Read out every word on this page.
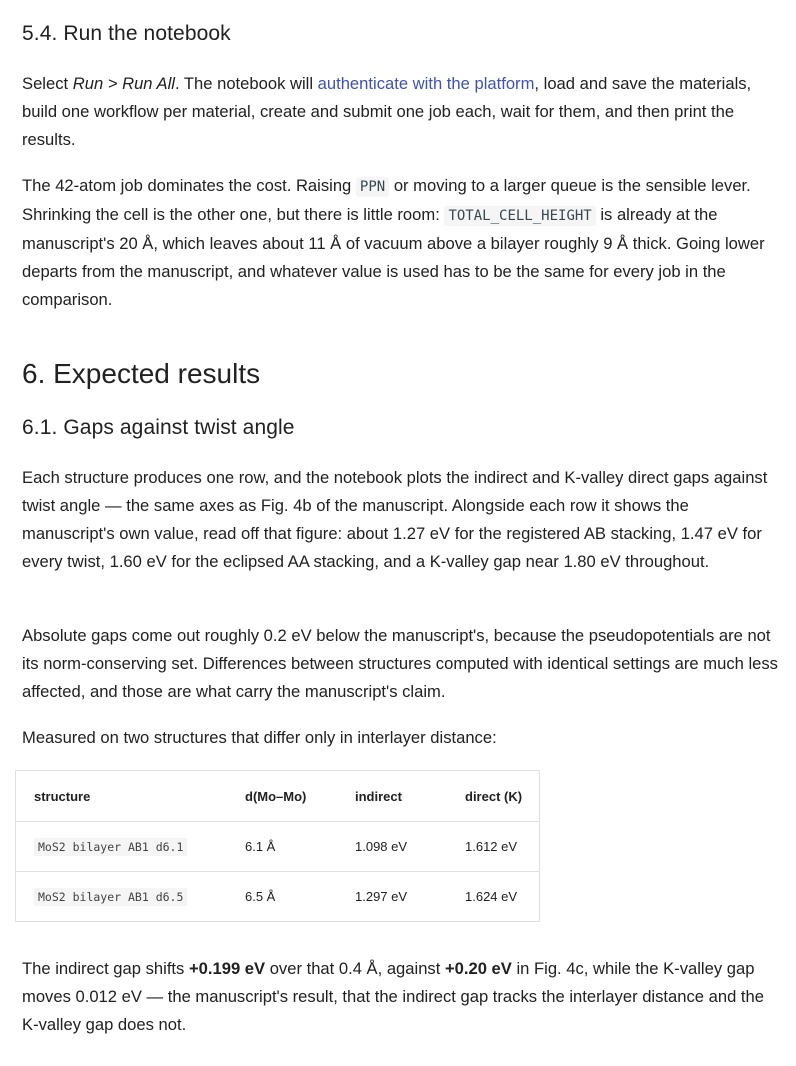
5.4. Run the notebook

Select Run > Run All. The notebook will authenticate with the platform, load and save the materials, build one workflow per material, create and submit one job each, wait for them, and then print the results.

The 42-atom job dominates the cost. Raising PPN or moving to a larger queue is the sensible lever. Shrinking the cell is the other one, but there is little room: TOTAL_CELL_HEIGHT is already at the manuscript's 20 Å, which leaves about 11 Å of vacuum above a bilayer roughly 9 Å thick. Going lower departs from the manuscript, and whatever value is used has to be the same for every job in the comparison.

6. Expected results
6.1. Gaps against twist angle

Each structure produces one row, and the notebook plots the indirect and K-valley direct gaps against twist angle — the same axes as Fig. 4b of the manuscript. Alongside each row it shows the manuscript's own value, read off that figure: about 1.27 eV for the registered AB stacking, 1.47 eV for every twist, 1.60 eV for the eclipsed AA stacking, and a K-valley gap near 1.80 eV throughout.

Absolute gaps come out roughly 0.2 eV below the manuscript's, because the pseudopotentials are not its norm-conserving set. Differences between structures computed with identical settings are much less affected, and those are what carry the manuscript's claim.

Measured on two structures that differ only in interlayer distance:

structure	d(Mo–Mo)	indirect	direct (K)
MoS2 bilayer AB1 d6.1	6.1 Å	1.098 eV	1.612 eV
MoS2 bilayer AB1 d6.5	6.5 Å	1.297 eV	1.624 eV

The indirect gap shifts +0.199 eV over that 0.4 Å, against +0.20 eV in Fig. 4c, while the K-valley gap moves 0.012 eV — the manuscript's result, that the indirect gap tracks the interlayer distance and the K-valley gap does not.
